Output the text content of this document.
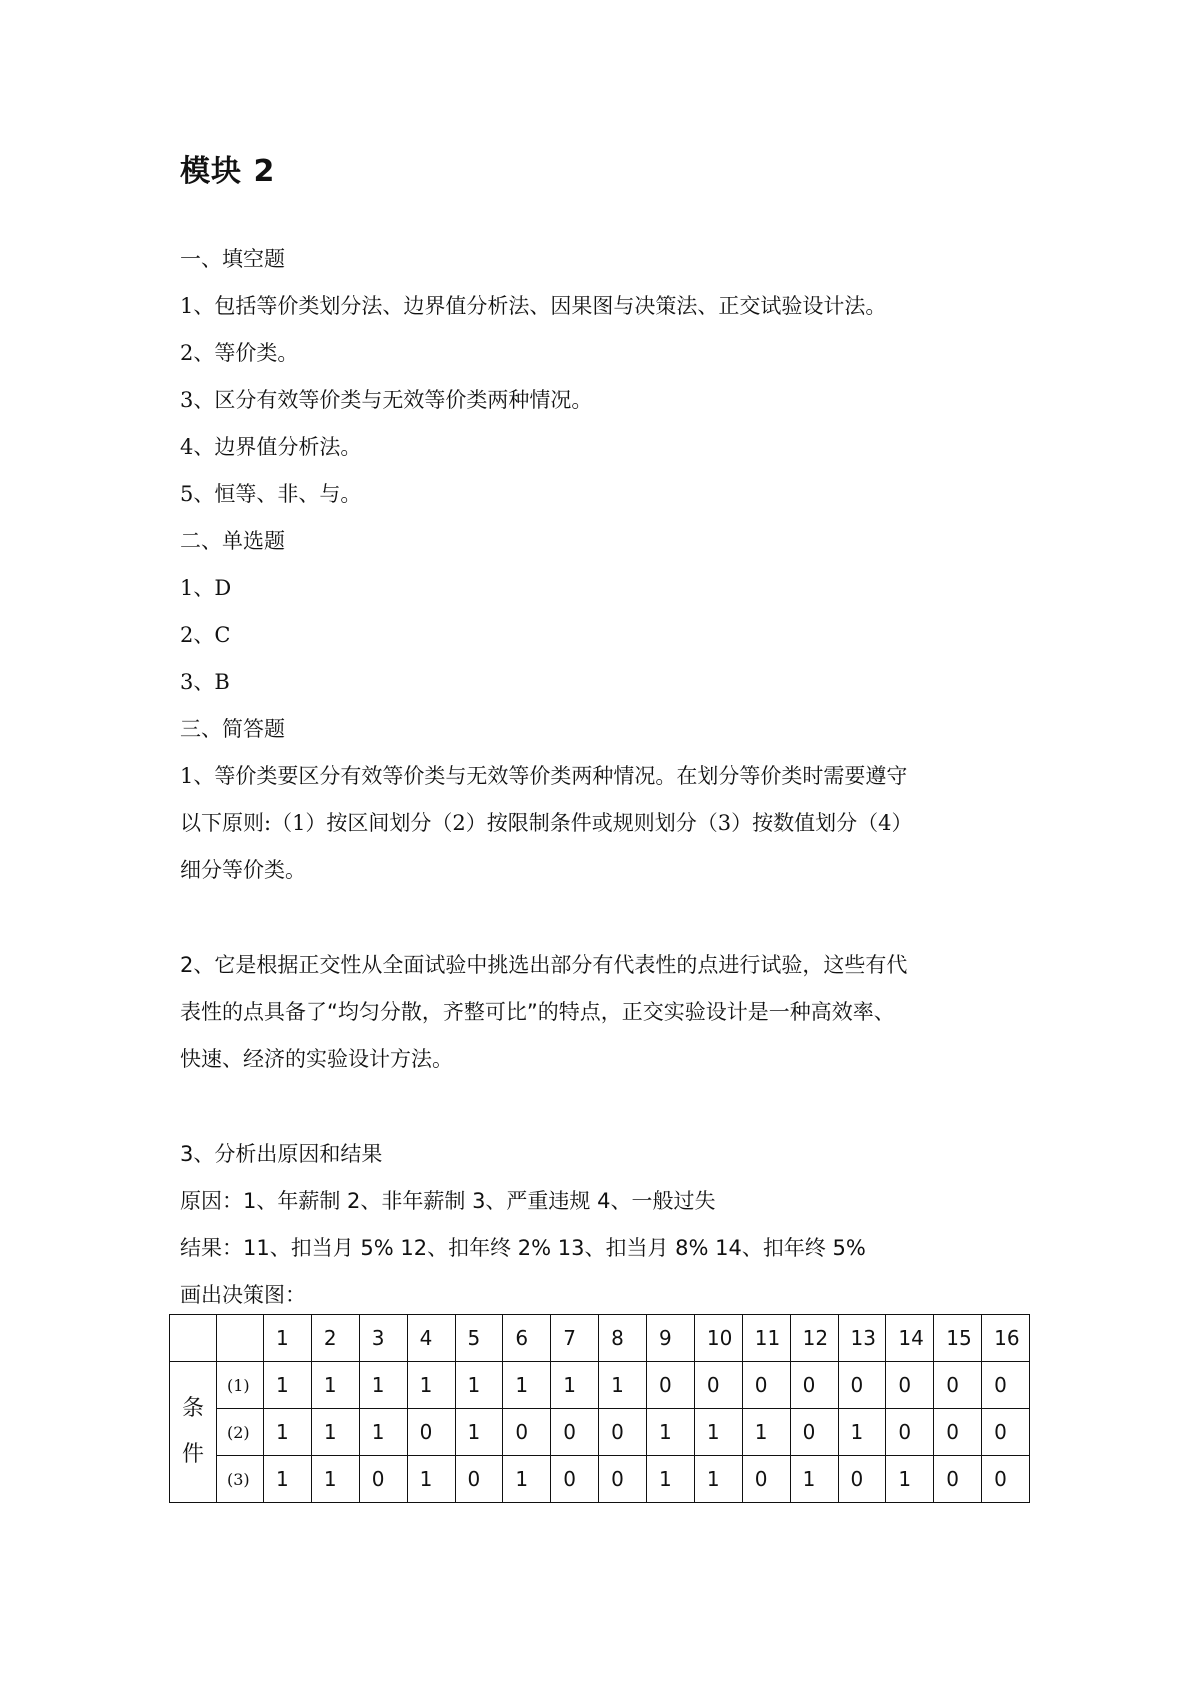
模块 2

一、填空题

1、包括等价类划分法、边界值分析法、因果图与决策法、正交试验设计法。

2、等价类。

3、区分有效等价类与无效等价类两种情况。

4、边界值分析法。

5、恒等、非、与。

二、单选题

1、D

2、C

3、B

三、简答题

1、等价类要区分有效等价类与无效等价类两种情况。在划分等价类时需要遵守

以下原则:（1）按区间划分（2）按限制条件或规则划分（3）按数值划分（4）

细分等价类。

2、它是根据正交性从全面试验中挑选出部分有代表性的点进行试验，这些有代

表性的点具备了“均匀分散，齐整可比”的特点，正交实验设计是一种高效率、

快速、经济的实验设计方法。

3、分析出原因和结果

原因：1、年薪制 2、非年薪制 3、严重违规 4、一般过失

结果：11、扣当月 5% 12、扣年终 2% 13、扣当月 8% 14、扣年终 5%

画出决策图：

		1	2	3	4	5	6	7	8	9	10	11	12	13	14	15	16

条
件	(1)	1	1	1	1	1	1	1	1	0	0	0	0	0	0	0	0
	(2)	1	1	1	0	1	0	0	0	1	1	1	0	1	0	0	0
	(3)	1	1	0	1	0	1	0	0	1	1	0	1	0	1	0	0
